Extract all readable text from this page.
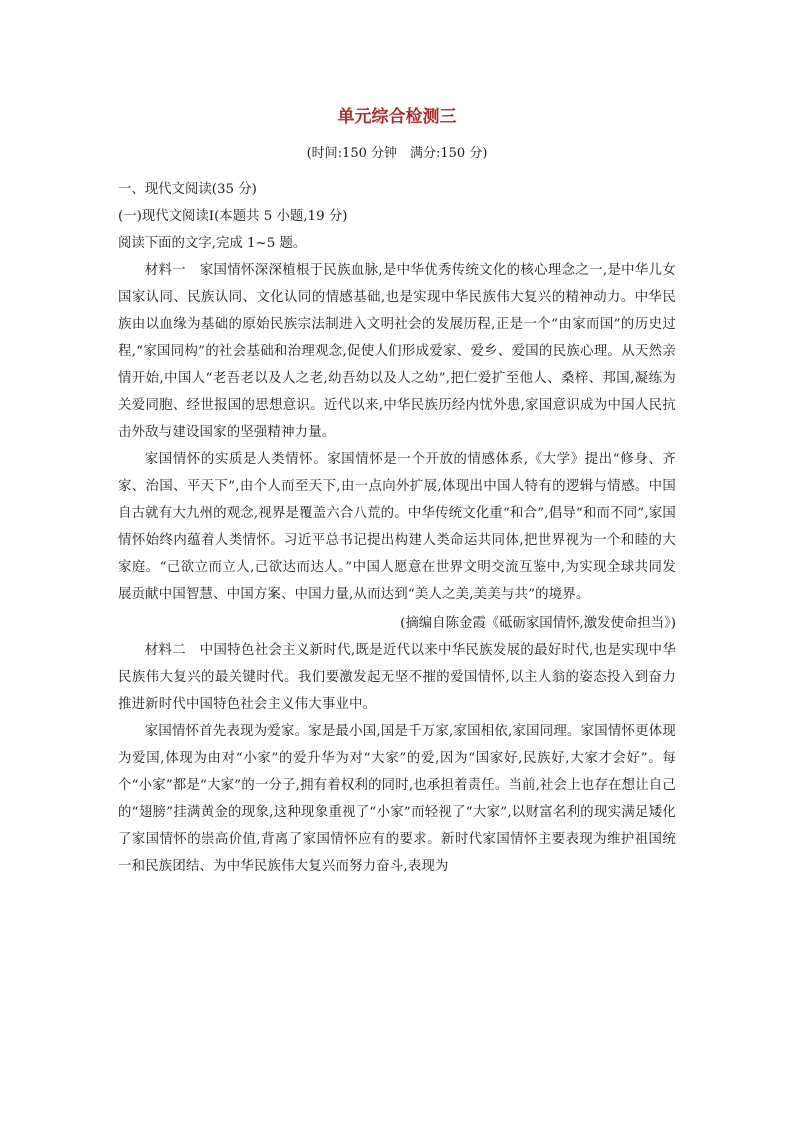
单元综合检测三
(时间:150 分钟　满分:150 分)
一、现代文阅读(35 分)
(一)现代文阅读Ⅰ(本题共 5 小题,19 分)
阅读下面的文字,完成 1~5 题。

材料一　家国情怀深深植根于民族血脉,是中华优秀传统文化的核心理念之一,是中华儿女国家认同、民族认同、文化认同的情感基础,也是实现中华民族伟大复兴的精神动力。中华民族由以血缘为基础的原始民族宗法制进入文明社会的发展历程,正是一个“由家而国”的历史过程,“家国同构”的社会基础和治理观念,促使人们形成爱家、爱乡、爱国的民族心理。从天然亲情开始,中国人“老吾老以及人之老,幼吾幼以及人之幼”,把仁爱扩至他人、桑梓、邦国,凝练为关爱同胞、经世报国的思想意识。近代以来,中华民族历经内忧外患,家国意识成为中国人民抗击外敌与建设国家的坚强精神力量。

家国情怀的实质是人类情怀。家国情怀是一个开放的情感体系,《大学》提出“修身、齐家、治国、平天下”,由个人而至天下,由一点向外扩展,体现出中国人特有的逻辑与情感。中国自古就有大九州的观念,视界是覆盖六合八荒的。中华传统文化重“和合”,倡导“和而不同”,家国情怀始终内蕴着人类情怀。习近平总书记提出构建人类命运共同体,把世界视为一个和睦的大家庭。“己欲立而立人,己欲达而达人。”中国人愿意在世界文明交流互鉴中,为实现全球共同发展贡献中国智慧、中国方案、中国力量,从而达到“美人之美,美美与共”的境界。

(摘编自陈金霞《砥砺家国情怀,激发使命担当》)

材料二　中国特色社会主义新时代,既是近代以来中华民族发展的最好时代,也是实现中华民族伟大复兴的最关键时代。我们要激发起无坚不摧的爱国情怀,以主人翁的姿态投入到奋力推进新时代中国特色社会主义伟大事业中。

家国情怀首先表现为爱家。家是最小国,国是千万家,家国相依,家国同理。家国情怀更体现为爱国,体现为由对“小家”的爱升华为对“大家”的爱,因为“国家好,民族好,大家才会好”。每个“小家”都是“大家”的一分子,拥有着权利的同时,也承担着责任。当前,社会上也存在想让自己的“翅膀”挂满黄金的现象,这种现象重视了“小家”而轻视了“大家”,以财富名利的现实满足矮化了家国情怀的崇高价值,背离了家国情怀应有的要求。新时代家国情怀主要表现为维护祖国统一和民族团结、为中华民族伟大复兴而努力奋斗,表现为
